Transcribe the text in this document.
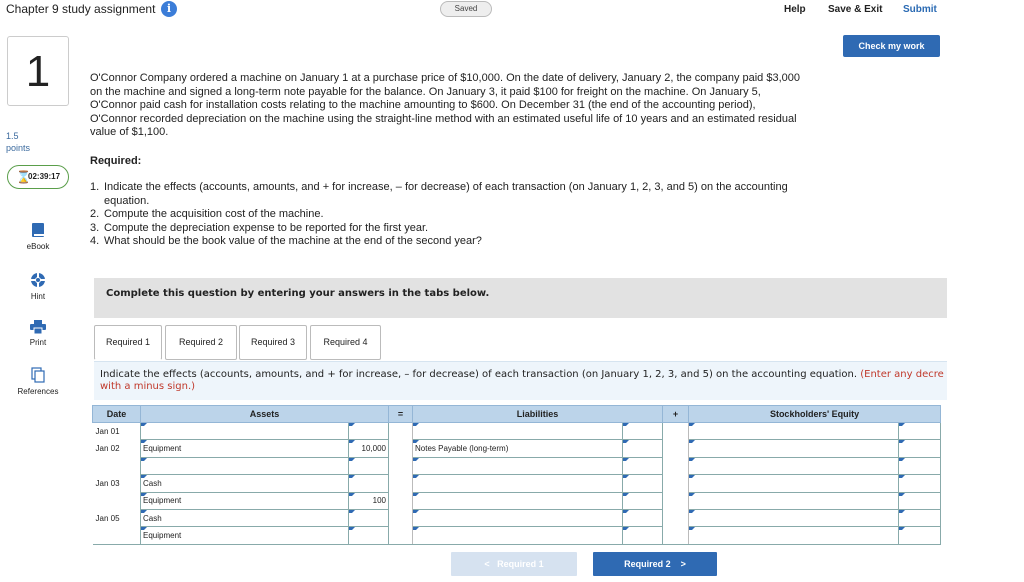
Chapter 9 study assignment	i	Saved	Help Save & Exit Submit
1
1.5
points
⌛
02:39:17
eBook
Hint
Print
References
Check my work
O'Connor Company ordered a machine on January 1 at a purchase price of $10,000. On the date of delivery, January 2, the company paid $3,000 on the machine and signed a long-term note payable for the balance. On January 3, it paid $100 for freight on the machine. On January 5, O'Connor paid cash for installation costs relating to the machine amounting to $600. On December 31 (the end of the accounting period), O'Connor recorded depreciation on the machine using the straight-line method with an estimated useful life of 10 years and an estimated residual value of $1,100.
Required:
1. Indicate the effects (accounts, amounts, and + for increase, – for decrease) of each transaction (on January 1, 2, 3, and 5) on the accounting equation.
2. Compute the acquisition cost of the machine.
3. Compute the depreciation expense to be reported for the first year.
4. What should be the book value of the machine at the end of the second year?
Complete this question by entering your answers in the tabs below.
Required 1	Required 2	Required 3	Required 4
Indicate the effects (accounts, amounts, and + for increase, – for decrease) of each transaction (on January 1, 2, 3, and 5) on the accounting equation. (Enter any decre
with a minus sign.)
Date	Assets		=	Liabilities		+	Stockholders' Equity	
Jan 01								
Jan 02	Equipment	10,000		Notes Payable (long-term)				

Jan 03	Cash							
	Equipment	100						
Jan 05	Cash							
	Equipment							
< Required 1	Required 2 >
